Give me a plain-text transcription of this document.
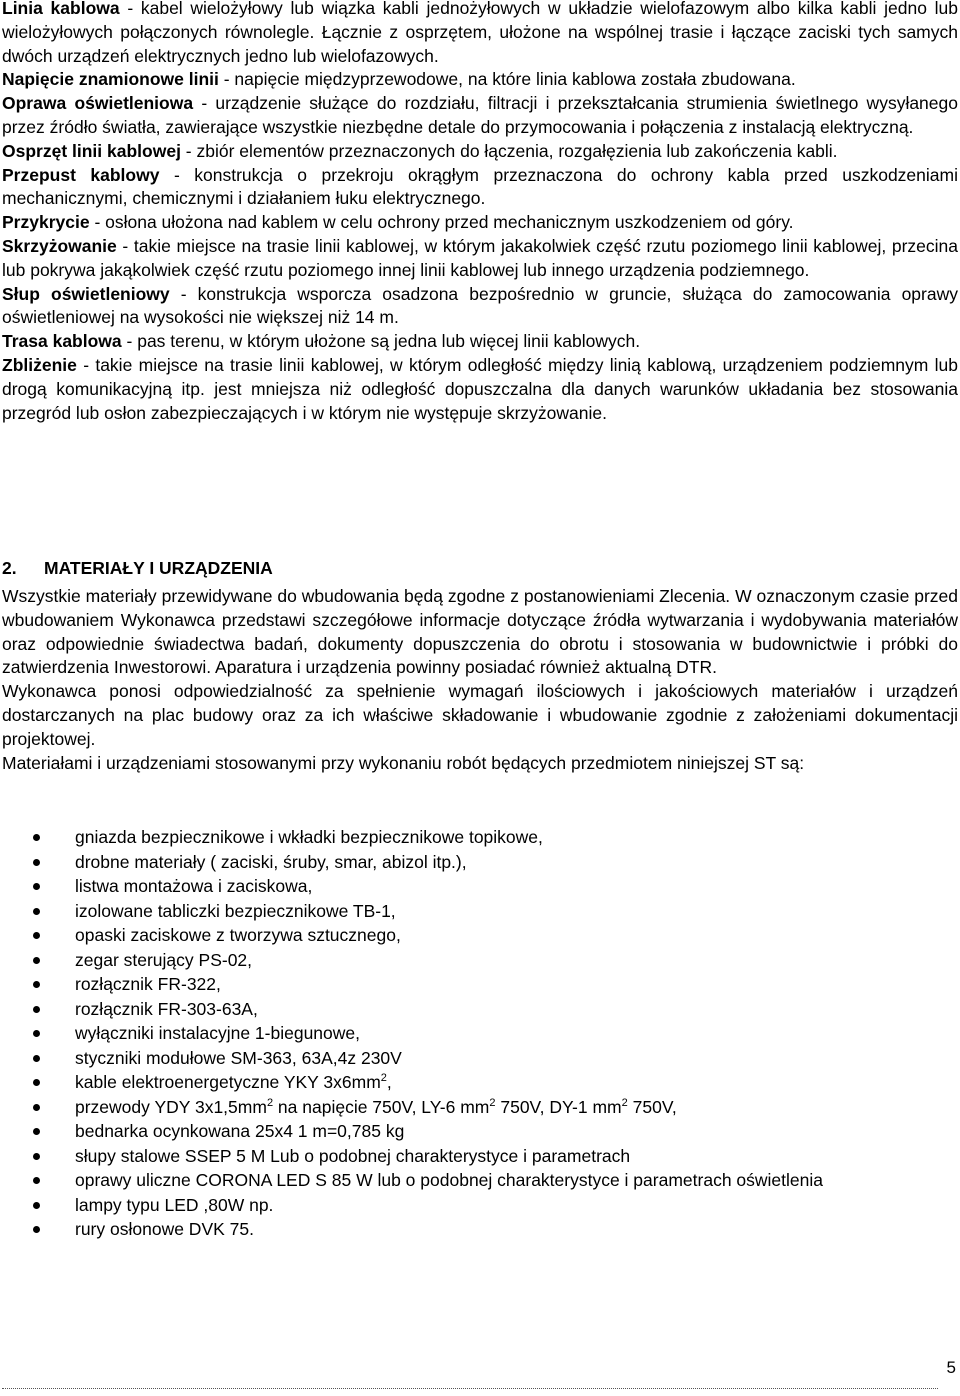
Linia kablowa - kabel wielożyłowy lub wiązka kabli jednożyłowych w układzie wielofazowym albo kilka kabli jedno lub wielożyłowych połączonych równolegle. Łącznie z osprzętem, ułożone na wspólnej trasie i łączące zaciski tych samych dwóch urządzeń elektrycznych jedno lub wielofazowych.

Napięcie znamionowe linii - napięcie międzyprzewodowe, na które linia kablowa została zbudowana.

Oprawa oświetleniowa - urządzenie służące do rozdziału, filtracji i przekształcania strumienia świetlnego wysyłanego przez źródło światła, zawierające wszystkie niezbędne detale do przymocowania i połączenia z instalacją elektryczną.

Osprzęt linii kablowej - zbiór elementów przeznaczonych do łączenia, rozgałęzienia lub zakończenia kabli.

Przepust kablowy - konstrukcja o przekroju okrągłym przeznaczona do ochrony kabla przed uszkodzeniami mechanicznymi, chemicznymi i działaniem łuku elektrycznego.

Przykrycie - osłona ułożona nad kablem w celu ochrony przed mechanicznym uszkodzeniem od góry.

Skrzyżowanie - takie miejsce na trasie linii kablowej, w którym jakakolwiek część rzutu poziomego linii kablowej, przecina lub pokrywa jakąkolwiek część rzutu poziomego innej linii kablowej lub innego urządzenia podziemnego.

Słup oświetleniowy - konstrukcja wsporcza osadzona bezpośrednio w gruncie, służąca do zamocowania oprawy oświetleniowej na wysokości nie większej niż 14 m.

Trasa kablowa - pas terenu, w którym ułożone są jedna lub więcej linii kablowych.

Zbliżenie - takie miejsce na trasie linii kablowej, w którym odległość między linią kablową, urządzeniem podziemnym lub drogą komunikacyjną itp. jest mniejsza niż odległość dopuszczalna dla danych warunków układania bez stosowania przegród lub osłon zabezpieczających i w którym nie występuje skrzyżowanie.

2. MATERIAŁY I URZĄDZENIA

Wszystkie materiały przewidywane do wbudowania będą zgodne z postanowieniami Zlecenia. W oznaczonym czasie przed wbudowaniem Wykonawca przedstawi szczegółowe informacje dotyczące źródła wytwarzania i wydobywania materiałów oraz odpowiednie świadectwa badań, dokumenty dopuszczenia do obrotu i stosowania w budownictwie i próbki do zatwierdzenia Inwestorowi. Aparatura i urządzenia powinny posiadać również aktualną DTR.

Wykonawca ponosi odpowiedzialność za spełnienie wymagań ilościowych i jakościowych materiałów i urządzeń dostarczanych na plac budowy oraz za ich właściwe składowanie i wbudowanie zgodnie z założeniami dokumentacji projektowej.

Materiałami i urządzeniami stosowanymi przy wykonaniu robót będących przedmiotem niniejszej ST są:

gniazda bezpiecznikowe i wkładki bezpiecznikowe topikowe,
drobne materiały ( zaciski, śruby, smar, abizol itp.),
listwa montażowa i zaciskowa,
izolowane tabliczki bezpiecznikowe TB-1,
opaski zaciskowe z tworzywa sztucznego,
zegar sterujący PS-02,
rozłącznik FR-322,
rozłącznik FR-303-63A,
wyłączniki instalacyjne 1-biegunowe,
styczniki modułowe SM-363, 63A,4z 230V
kable elektroenergetyczne YKY $3x6mm^2$,
przewody YDY $3x1,5mm^2$ na napięcie 750V, LY-6 $mm^2$ 750V, DY-1 $mm^2$ 750V,
bednarka ocynkowana 25x4 1 m=0,785 kg
słupy stalowe SSEP 5 M Lub o podobnej charakterystyce i parametrach
oprawy uliczne CORONA LED S 85 W lub o podobnej charakterystyce i parametrach oświetlenia
lampy typu LED ,80W np.
rury osłonowe DVK 75.
5
